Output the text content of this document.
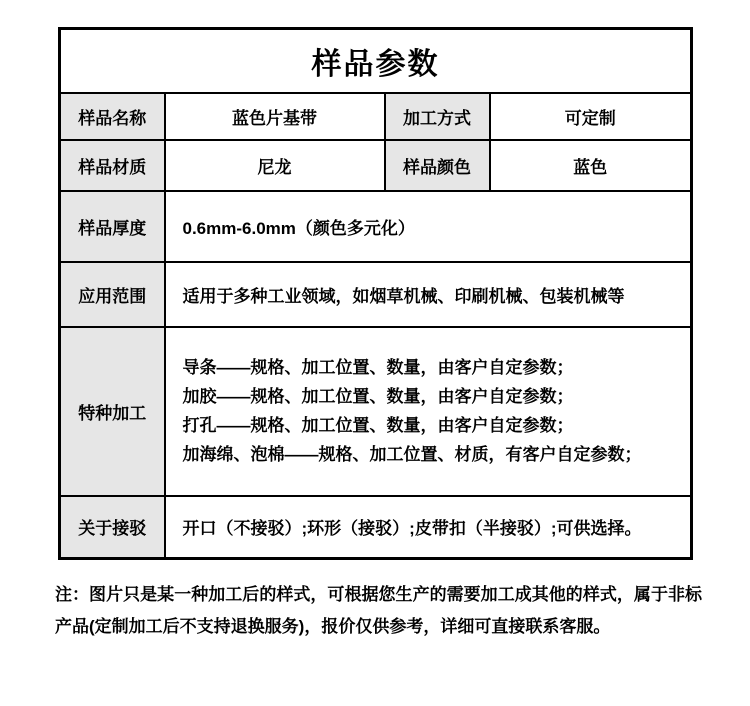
样品参数			
样品名称	蓝色片基带	加工方式	可定制
样品材质	尼龙	样品颜色	蓝色
样品厚度	0.6mm-6.0mm（颜色多元化）		
应用范围	适用于多种工业领域，如烟草机械、印刷机械、包装机械等		
特种加工	导条——规格、加工位置、数量，由客户自定参数；
加胶——规格、加工位置、数量，由客户自定参数；
打孔——规格、加工位置、数量，由客户自定参数；
加海绵、泡棉——规格、加工位置、材质，有客户自定参数；		

关于接驳	开口（不接驳）;环形（接驳）;皮带扣（半接驳）;可供选择。		

注：图片只是某一种加工后的样式，可根据您生产的需要加工成其他的样式，属于非标产品(定制加工后不支持退换服务)，报价仅供参考，详细可直接联系客服。
